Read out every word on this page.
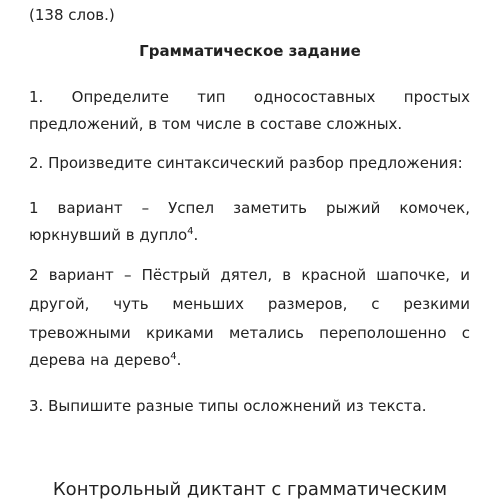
(138 слов.)
Грамматическое задание
1. Определите тип односоставных простых
предложений, в том числе в составе сложных.
2. Произведите синтаксический разбор предложения:
1 вариант – Успел заметить рыжий комочек,
юркнувший в дупло$^4$.
2 вариант – Пёстрый дятел, в красной шапочке, и
другой, чуть меньших размеров, с резкими
тревожными криками метались переполошенно с
дерева на дерево$^4$.
3. Выпишите разные типы осложнений из текста.
Контрольный диктант с грамматическим
